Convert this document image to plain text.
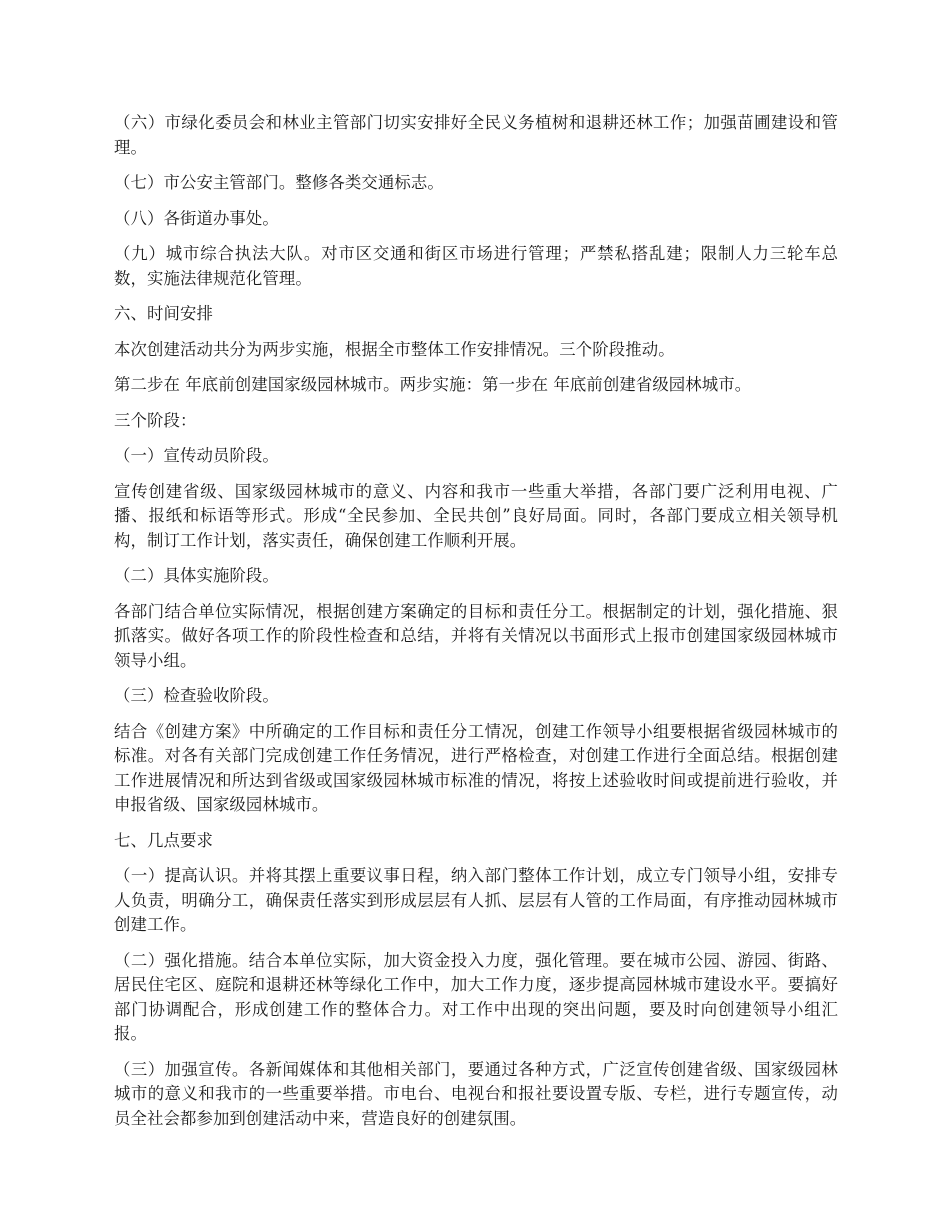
（六）市绿化委员会和林业主管部门切实安排好全民义务植树和退耕还林工作；加强苗圃建设和管理。

（七）市公安主管部门。整修各类交通标志。

（八）各街道办事处。

（九）城市综合执法大队。对市区交通和街区市场进行管理；严禁私搭乱建；限制人力三轮车总数，实施法律规范化管理。

六、时间安排

本次创建活动共分为两步实施，根据全市整体工作安排情况。三个阶段推动。

第二步在 年底前创建国家级园林城市。两步实施：第一步在 年底前创建省级园林城市。

三个阶段：

（一）宣传动员阶段。

宣传创建省级、国家级园林城市的意义、内容和我市一些重大举措，各部门要广泛利用电视、广播、报纸和标语等形式。形成“全民参加、全民共创”良好局面。同时，各部门要成立相关领导机构，制订工作计划，落实责任，确保创建工作顺利开展。

（二）具体实施阶段。

各部门结合单位实际情况，根据创建方案确定的目标和责任分工。根据制定的计划，强化措施、狠抓落实。做好各项工作的阶段性检查和总结，并将有关情况以书面形式上报市创建国家级园林城市领导小组。

（三）检查验收阶段。

结合《创建方案》中所确定的工作目标和责任分工情况，创建工作领导小组要根据省级园林城市的标准。对各有关部门完成创建工作任务情况，进行严格检查，对创建工作进行全面总结。根据创建工作进展情况和所达到省级或国家级园林城市标准的情况，将按上述验收时间或提前进行验收，并申报省级、国家级园林城市。

七、几点要求

（一）提高认识。并将其摆上重要议事日程，纳入部门整体工作计划，成立专门领导小组，安排专人负责，明确分工，确保责任落实到形成层层有人抓、层层有人管的工作局面，有序推动园林城市创建工作。

（二）强化措施。结合本单位实际，加大资金投入力度，强化管理。要在城市公园、游园、街路、居民住宅区、庭院和退耕还林等绿化工作中，加大工作力度，逐步提高园林城市建设水平。要搞好部门协调配合，形成创建工作的整体合力。对工作中出现的突出问题，要及时向创建领导小组汇报。

（三）加强宣传。各新闻媒体和其他相关部门，要通过各种方式，广泛宣传创建省级、国家级园林城市的意义和我市的一些重要举措。市电台、电视台和报社要设置专版、专栏，进行专题宣传，动员全社会都参加到创建活动中来，营造良好的创建氛围。
